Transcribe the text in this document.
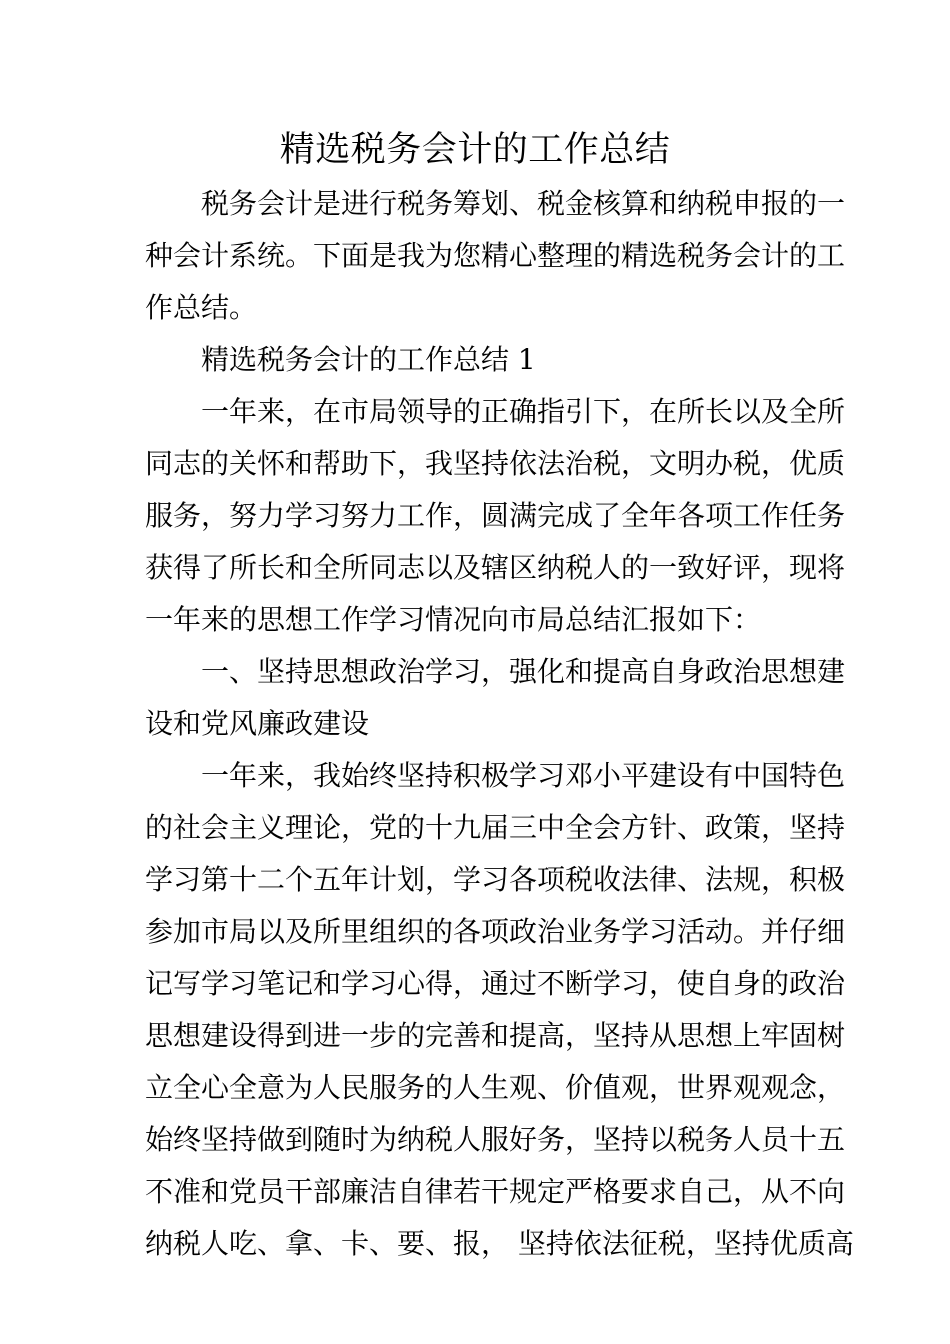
精选税务会计的工作总结

税务会计是进行税务筹划、税金核算和纳税申报的一
种会计系统。下面是我为您精心整理的精选税务会计的工
作总结。

精选税务会计的工作总结 1

一年来，在市局领导的正确指引下，在所长以及全所
同志的关怀和帮助下，我坚持依法治税，文明办税，优质
服务，努力学习努力工作，圆满完成了全年各项工作任务
获得了所长和全所同志以及辖区纳税人的一致好评，现将
一年来的思想工作学习情况向市局总结汇报如下：

一、坚持思想政治学习，强化和提高自身政治思想建
设和党风廉政建设

一年来，我始终坚持积极学习邓小平建设有中国特色
的社会主义理论，党的十九届三中全会方针、政策，坚持
学习第十二个五年计划，学习各项税收法律、法规，积极
参加市局以及所里组织的各项政治业务学习活动。并仔细
记写学习笔记和学习心得，通过不断学习，使自身的政治
思想建设得到进一步的完善和提高，坚持从思想上牢固树
立全心全意为人民服务的人生观、价值观，世界观观念，
始终坚持做到随时为纳税人服好务，坚持以税务人员十五
不准和党员干部廉洁自律若干规定严格要求自己，从不向
纳税人吃、拿、卡、要、报， 坚持依法征税，坚持优质高
